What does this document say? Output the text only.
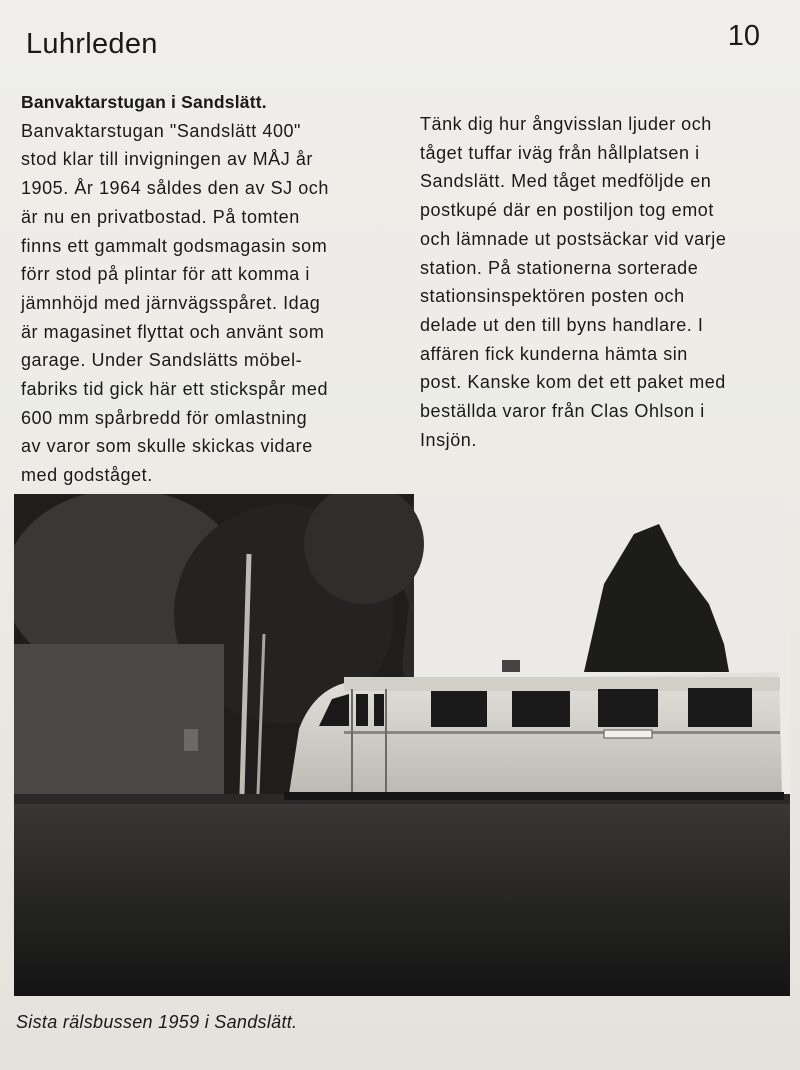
Luhrleden	10
Banvaktarstugan i Sandslätt.
Banvaktarstugan "Sandslätt 400"
stod klar till invigningen av MÅJ år
1905. År 1964 såldes den av SJ och
är nu en privatbostad. På tomten
finns ett gammalt godsmagasin som
förr stod på plintar för att komma i
jämnhöjd med järnvägsspåret. Idag
är magasinet flyttat och använt som
garage. Under Sandslätts möbel-
fabriks tid gick här ett stickspår med
600 mm spårbredd för omlastning
av varor som skulle skickas vidare
med godståget.
Tänk dig hur ångvisslan ljuder och
tåget tuffar iväg från hållplatsen i
Sandslätt. Med tåget medföljde en
postkupé där en postiljon tog emot
och lämnade ut postsäckar vid varje
station. På stationerna sorterade
stationsinspektören posten och
delade ut den till byns handlare. I
affären fick kunderna hämta sin
post. Kanske kom det ett paket med
beställda varor från Clas Ohlson i
Insjön.
Sista rälsbussen 1959 i Sandslätt.
